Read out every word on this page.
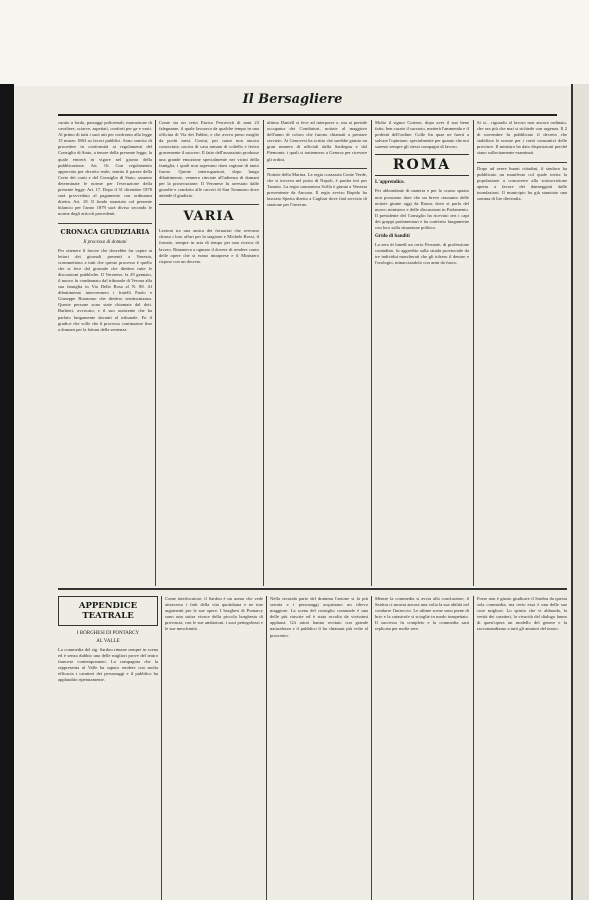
Il Bersagliere
curato a lordo, passaggi policemali, marrazione di cavaliere, sciarve, aspettati, conforti per ge e vasti. Al primo di tutti i suoi atti per confronto alla legge 15 marzo 1863 su lavori pubblici. Sono sancito di procedere in conformità ai regolamenti del Consiglio di Stato, a tenore della presente legge, la quale entrerà in vigore nel giorno della pubblicazione. Art. 16. Con regolamento approvato per decreto reale, sentito il parere della Corte dei conti e del Consiglio di Stato, saranno determinate le norme per l'esecuzione della presente legge. Art. 17. Dopo il 31 dicembre 1878 sarà provveduto al pagamento con ordinanza diretta. Art. 18. Il fondo stanziato col presente bilancio per l'anno 1879 sarà diviso secondo le norme degli articoli precedenti.
CRONACA GIUDIZIARIA
Il processo di domani
Per ottenere il favore che dovrebbe far capire ai lettori dei giornali presenti a Venezia, scommettono a tutti che questo processo è quello che si fece dal giornale che diedero tutte le discussioni pubbliche. Il Veronese, la 29 gennaio, il nuovo fu condannato dal tribunale di Verona alla sua famiglia in Via Della Rosa al N. 88. Al dibattimento intervennero i fratelli Paolo e Giuseppe Buonomo che diedero testimonianza. Queste persone sono state chiamate dal dott. Barbieri, avvocato, e il suo assistente che ha parlato lungamente davanti al tribunale. Fu il giudice che volle che il processo continuasse fino a domani per la lettura della sentenza.
Come sia un certo Enrico Ferrovich di anni 23 falegname, il quale lavorava da qualche tempo in una officina di Via dei Fabbri, e che aveva preso moglie da pochi mesi. Costui, per cause non ancora conosciute, usciva di casa armato di coltello e feriva gravemente il suocero. Il fatto dell'assassinio produsse una grande emozione specialmente nei vicini della famiglia, i quali non sapevano darsi ragione di tanto furore. Queste interrogazioni, dopo lungo dibattimento, vennero rinviate all'udienza di domani per la prosecuzione. Il Veronese fu arrestato dalle guardie e condotto alle carceri di San Tommaso dove attende il giudizio.
VARIA
Lezioni tra una amica dei fornaciai che avevano chiuso i loro affari per la stagione e Michele Rossi, il fornaio, sempre in aria di tempo per una ricerca di lavoro. Rimaneva a ognuno il dovere di rendere conto delle opere che si erano intraprese e il Ministero rispose con un decreto.
ultimo Daniell si fece ad interporre e, ma ai preside occupatur dei Condiuturi, notizie al maggiore dell'anno di coloro che furono chiamati a prestare servizio. Ai Genovesi ha scritto che sarebbe giunto un gran numero di ufficiali dalla Sardegna e dal Piemonte, i quali si trattennero a Genova per ricevere gli ordini.
Notizie della Marina. La regia corazzata Conte Verde, che si trovava nel porto di Napoli, è partita ieri per Taranto. La regia cannoniera Scilla è giunta a Venezia proveniente da Ancona. Il regio avviso Rapido ha lasciato Spezia diretto a Cagliari dove farà servizio di stazione per l'inverno.
Molto il signor Cortese, dopo aver il suo bene fatto, ben curato il sacrario, metterà l'ammenda e il podestà dell'ordine. Colle fin quae ne fuerit a salvare l'opinione, specialmente per quanto che noi saremo sempre gli stessi compagni di lavoro.
ROMA
L'apprendice.
Per abbondante di materia e per lo scarso spazio non possiamo dare che un breve riassunto delle notizie giunte oggi da Roma, dove si parla del nuovo ministero e delle discussioni in Parlamento. Il presidente del Consiglio ha ricevuto ieri i capi dei gruppi parlamentari e ha conferito lungamente con loro sulla situazione politica.
Grido di banditi
La sera di lunedì un certo Ferrante, di professione contadino, fu aggredito sulla strada provinciale da tre individui mascherati che gli tolsero il denaro e l'orologio, minacciandolo con armi da fuoco.
Si si... riguardo al lavoro non ancora ordinato, che ora più che mai si richiede con urgenza. Il 2 di novembre fu pubblicato il decreto che stabilisce le norme per i conti consuntivi delle province. Il ministro ha dato disposizioni perché siano sollecitamente esaminati.
Dopo ad avere buoni cittadini, il sindaco ha pubblicato un manifesto col quale invita la popolazione a concorrere alla sottoscrizione aperta a favore dei danneggiati dalle inondazioni. Il municipio ha già stanziato una somma di lire diecimila.
APPENDICE TEATRALE
I BORGHESI DI PONTARCY
AL VALLE
La commedia del sig. Sardou rimane sempre in scena ed è senza dubbio una delle migliori prove del teatro francese contemporaneo. La compagnia che la rappresenta al Valle ha saputo rendere con molta efficacia i caratteri dei personaggi e il pubblico ha applaudito ripetutamente.
Come interlocutore, il Sardou è un uomo che vede attraverso i fatti della vita quotidiana e ne trae argomenti per le sue opere. I borghesi di Pontarcy sono una satira vivace della piccola borghesia di provincia, con le sue ambizioni, i suoi pettegolezzi e le sue meschinità.
Nella seconda parte del dramma l'azione si fa più serrata e i personaggi acquistano un rilievo maggiore. La scena del consiglio comunale è una delle più riuscite ed è stata accolta da vivissimi applausi. Gli attori hanno recitato con grande naturalezza e il pubblico li ha chiamati più volte al proscenio.
Mentre la commedia si avvia alla conclusione, il Sardou ci mostra ancora una volta la sua abilità nel condurre l'intreccio. Le ultime scene sono piene di brio e la catastrofe si scioglie in modo inaspettato. Il successo fu completo e la commedia sarà replicata per molte sere.
Forse non è giusto giudicare il Sardou da questa sola commedia, ma certo essa è una delle sue cose migliori. Lo spirito che vi abbonda, la verità dei caratteri, la vivacità del dialogo fanno di quest'opera un modello del genere e la raccomandiamo a tutti gli amatori del teatro.
